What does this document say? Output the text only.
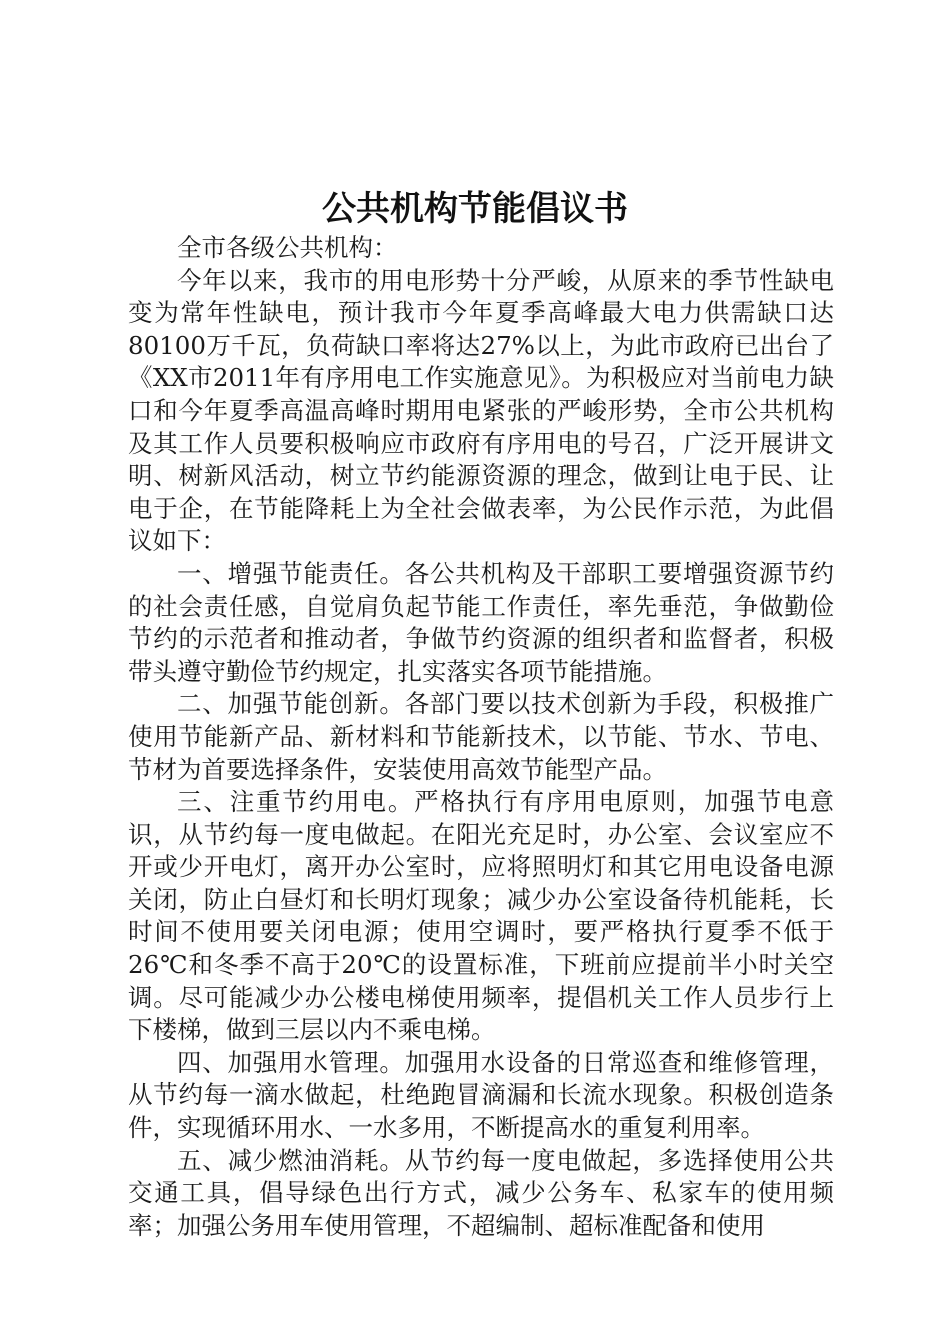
公共机构节能倡议书

全市各级公共机构：

今年以来，我市的用电形势十分严峻，从原来的季节性缺电变为常年性缺电，预计我市今年夏季高峰最大电力供需缺口达80100万千瓦，负荷缺口率将达27%以上，为此市政府已出台了《XX市2011年有序用电工作实施意见》。为积极应对当前电力缺口和今年夏季高温高峰时期用电紧张的严峻形势，全市公共机构及其工作人员要积极响应市政府有序用电的号召，广泛开展讲文明、树新风活动，树立节约能源资源的理念，做到让电于民、让电于企，在节能降耗上为全社会做表率，为公民作示范，为此倡议如下：

一、增强节能责任。各公共机构及干部职工要增强资源节约的社会责任感，自觉肩负起节能工作责任，率先垂范，争做勤俭节约的示范者和推动者，争做节约资源的组织者和监督者，积极带头遵守勤俭节约规定，扎实落实各项节能措施。

二、加强节能创新。各部门要以技术创新为手段，积极推广使用节能新产品、新材料和节能新技术，以节能、节水、节电、节材为首要选择条件，安装使用高效节能型产品。

三、注重节约用电。严格执行有序用电原则，加强节电意识，从节约每一度电做起。在阳光充足时，办公室、会议室应不开或少开电灯，离开办公室时，应将照明灯和其它用电设备电源关闭，防止白昼灯和长明灯现象；减少办公室设备待机能耗，长时间不使用要关闭电源；使用空调时，要严格执行夏季不低于26℃和冬季不高于20℃的设置标准，下班前应提前半小时关空调。尽可能减少办公楼电梯使用频率，提倡机关工作人员步行上下楼梯，做到三层以内不乘电梯。

四、加强用水管理。加强用水设备的日常巡查和维修管理，从节约每一滴水做起，杜绝跑冒滴漏和长流水现象。积极创造条件，实现循环用水、一水多用，不断提高水的重复利用率。

五、减少燃油消耗。从节约每一度电做起，多选择使用公共交通工具，倡导绿色出行方式，减少公务车、私家车的使用频率；加强公务用车使用管理，不超编制、超标准配备和使用
